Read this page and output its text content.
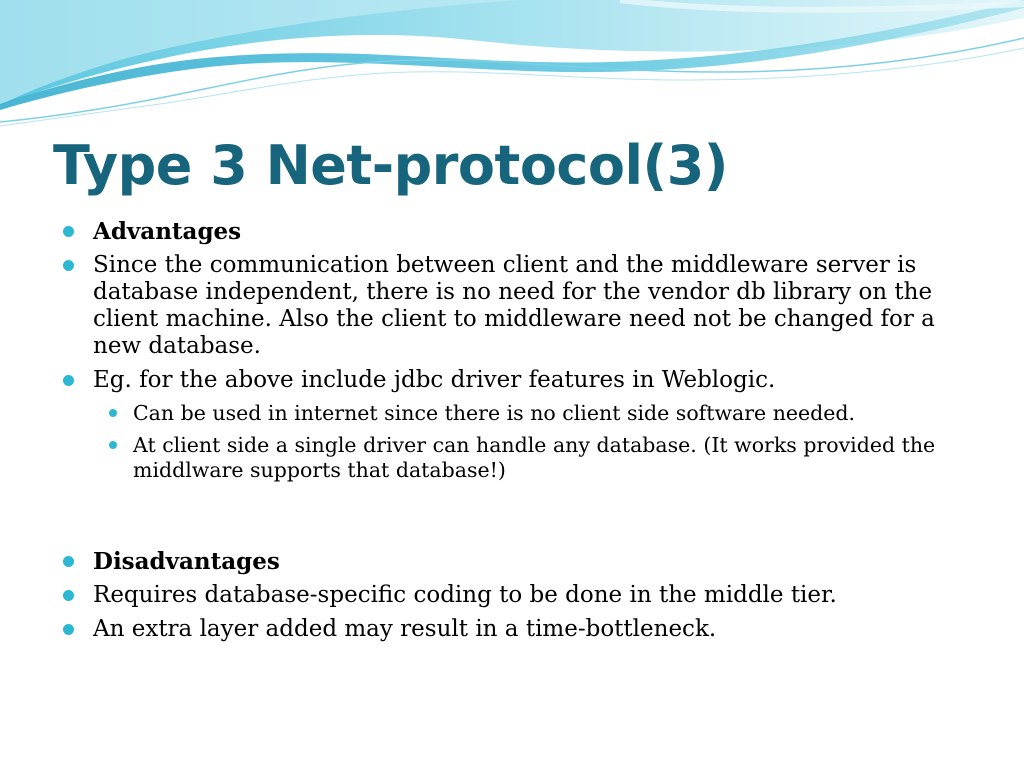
Type 3 Net-protocol(3)
Advantages
Since the communication between client and the middleware server is database independent, there is no need for the vendor db library on the client machine. Also the client to middleware need not be changed for a new database.
Eg. for the above include jdbc driver features in Weblogic.
Can be used in internet since there is no client side software needed.
At client side a single driver can handle any database. (It works provided the middlware supports that database!)
Disadvantages
Requires database-specific coding to be done in the middle tier.
An extra layer added may result in a time-bottleneck.
